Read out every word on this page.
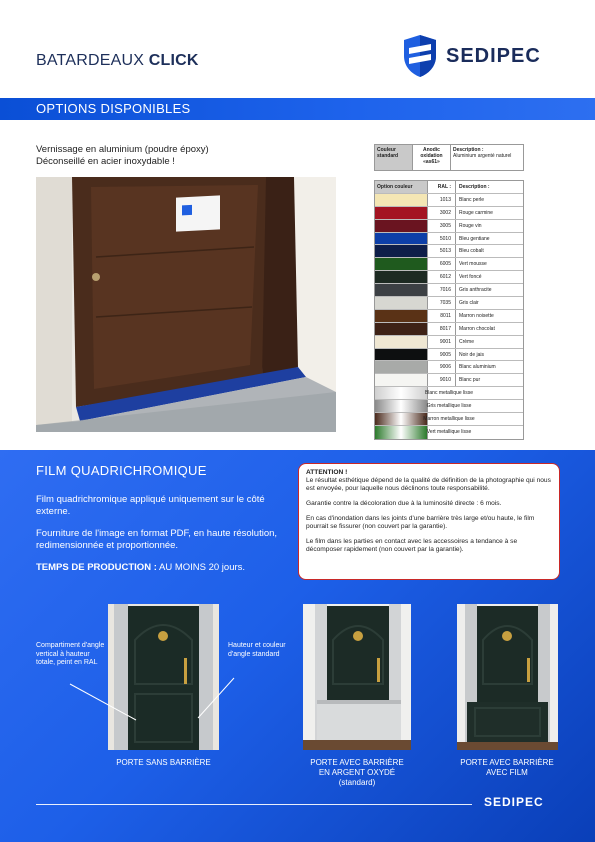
BATARDEAUX CLICK	SEDIPEC
OPTIONS DISPONIBLES
Vernissage en aluminium (poudre époxy)
Déconseillé en acier inoxydable !
Couleur standard
Anodic oxidation «as61»
Description :
Aluminium argenté naturel
Option couleur	RAL :	Description :
1013	Blanc perle
3002	Rouge carmine
3005	Rouge vin
5010	Bleu gentiane
5013	Bleu cobalt
6005	Vert mousse
6012	Vert foncé
7016	Gris anthracite
7035	Gris clair
8011	Marron noisette
8017	Marron chocolat
9001	Crème
9005	Noir de jais
9006	Blanc aluminium
9010	Blanc pur
Blanc metallique lisse
Gris metallique lisse
Marron metallique lisse
Vert metallique lisse
FILM QUADRICHROMIQUE

Film quadrichromique appliqué uniquement sur le côté externe.

Fourniture de l'image en format PDF, en haute résolution, redimensionnée et proportionnée.

TEMPS DE PRODUCTION : AU MOINS 20 jours.

ATTENTION !

Le résultat esthétique dépend de la qualité de définition de la photographie qui nous est envoyée, pour laquelle nous déclinons toute responsabilité.

Garantie contre la décoloration due à la luminosité directe : 6 mois.

En cas d'inondation dans les joints d'une barrière très large et/ou haute, le film pourrait se fissurer (non couvert par la garantie).

Le film dans les parties en contact avec les accessoires a tendance à se décomposer rapidement (non couvert par la garantie).

Compartiment d'angle vertical à hauteur totale, peint en RAL
Hauteur et couleur d'angle standard
PORTE SANS BARRIÈRE	PORTE AVEC BARRIÈRE
EN ARGENT OXYDÉ
(standard)
PORTE AVEC BARRIÈRE
AVEC FILM
SEDIPEC
